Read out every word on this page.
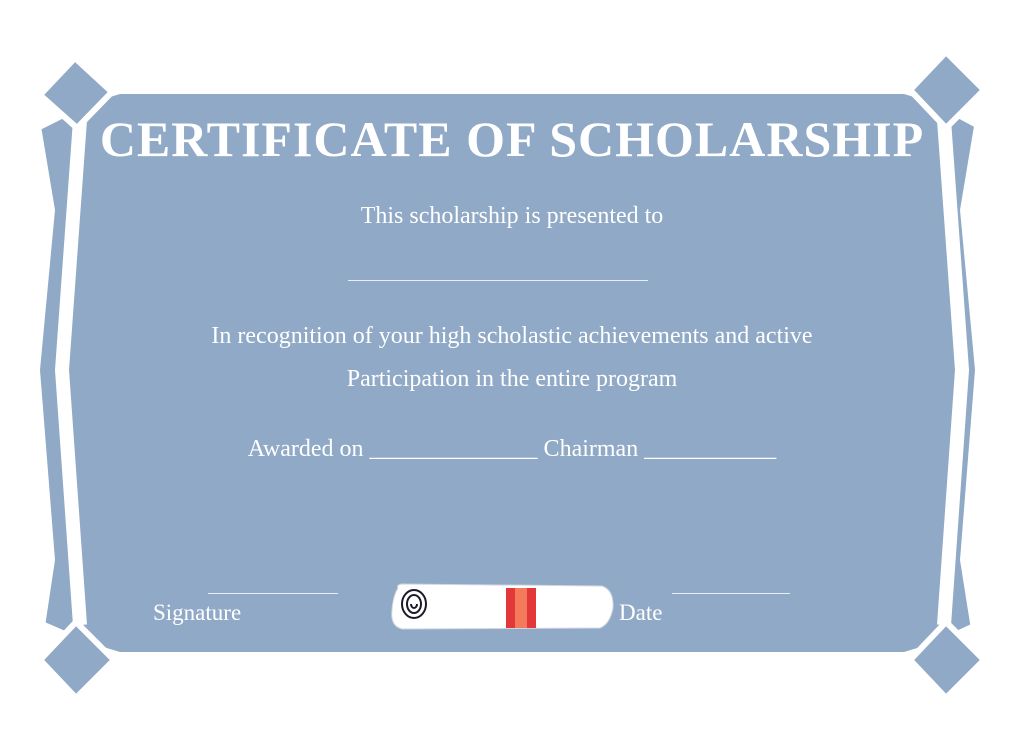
CERTIFICATE OF SCHOLARSHIP
This scholarship is presented to
In recognition of your high scholastic achievements and active
Participation in the entire program
Awarded on ______________ Chairman ___________
Signature	Date
